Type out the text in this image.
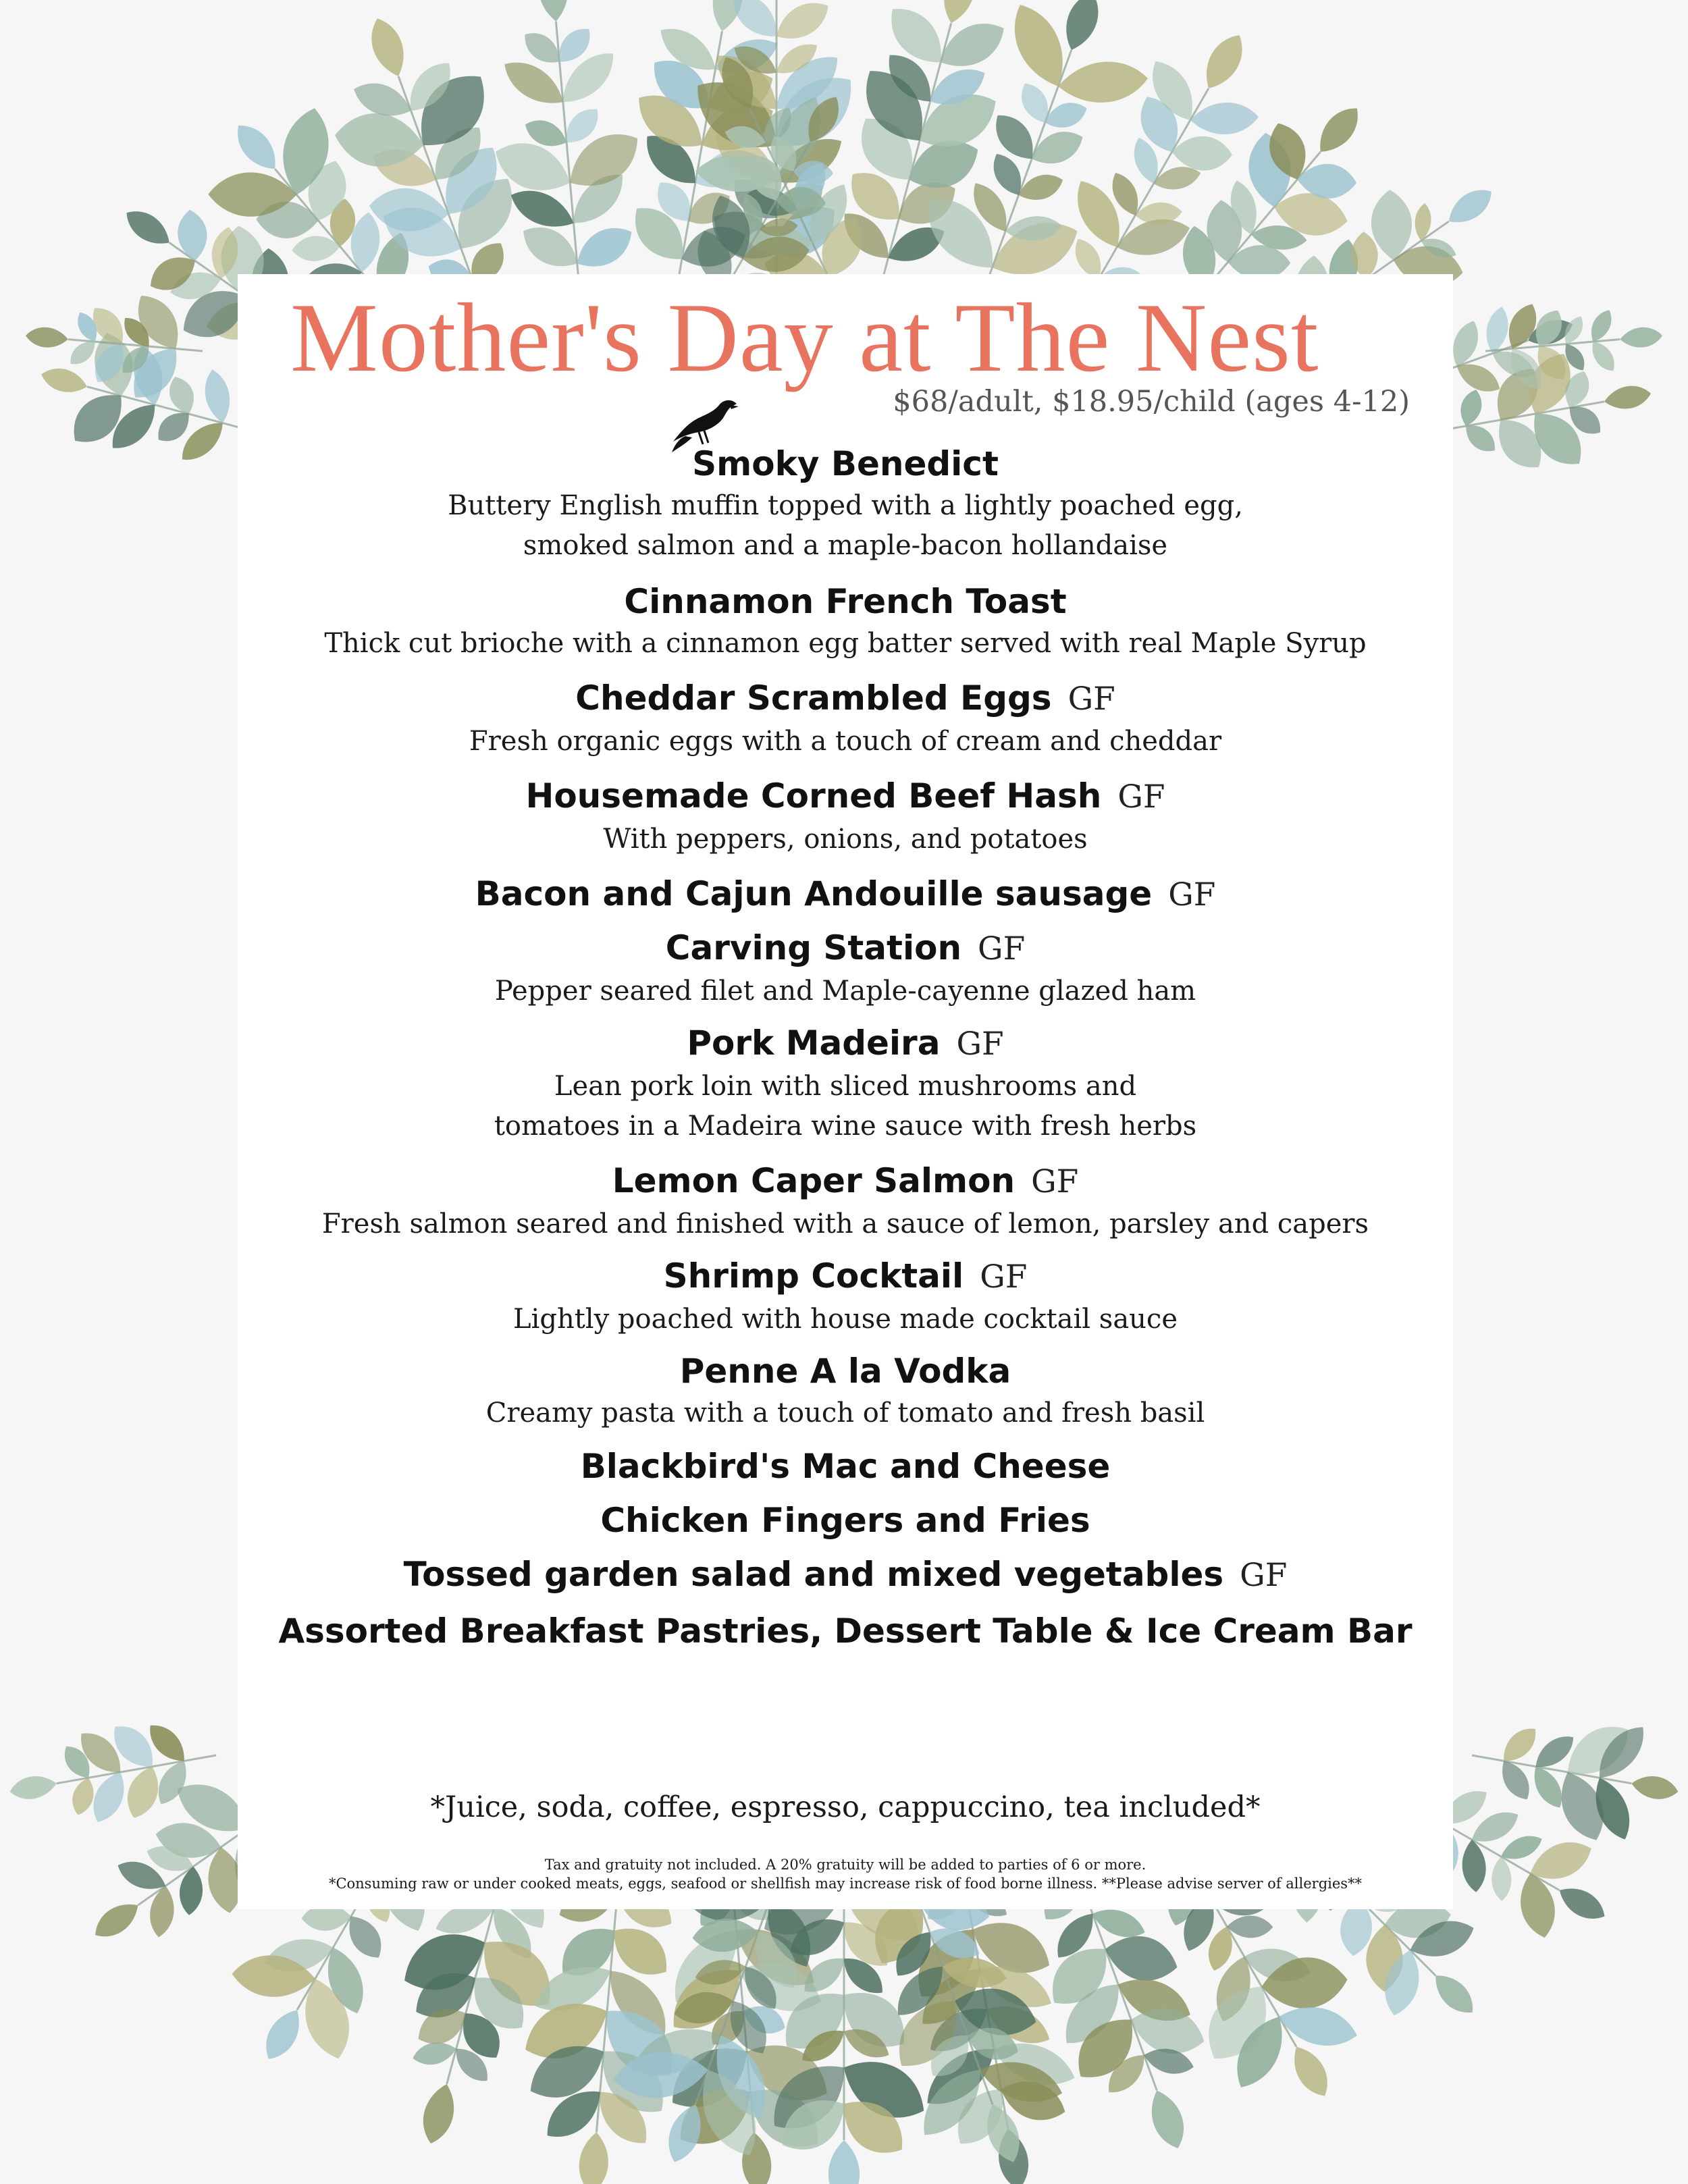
Mother's Day at The Nest
$68/adult, $18.95/child (ages 4-12)
Smoky Benedict
Buttery English muffin topped with a lightly poached egg,
smoked salmon and a maple-bacon hollandaise
Cinnamon French Toast
Thick cut brioche with a cinnamon egg batter served with real Maple Syrup
Cheddar Scrambled Eggs GF
Fresh organic eggs with a touch of cream and cheddar
Housemade Corned Beef Hash GF
With peppers, onions, and potatoes
Bacon and Cajun Andouille sausage GF
Carving Station GF
Pepper seared filet and Maple-cayenne glazed ham
Pork Madeira GF
Lean pork loin with sliced mushrooms and
tomatoes in a Madeira wine sauce with fresh herbs
Lemon Caper Salmon GF
Fresh salmon seared and finished with a sauce of lemon, parsley and capers
Shrimp Cocktail GF
Lightly poached with house made cocktail sauce
Penne A la Vodka
Creamy pasta with a touch of tomato and fresh basil
Blackbird's Mac and Cheese
Chicken Fingers and Fries
Tossed garden salad and mixed vegetables GF
Assorted Breakfast Pastries, Dessert Table & Ice Cream Bar
*Juice, soda, coffee, espresso, cappuccino, tea included*
Tax and gratuity not included. A 20% gratuity will be added to parties of 6 or more.
*Consuming raw or under cooked meats, eggs, seafood or shellfish may increase risk of food borne illness. **Please advise server of allergies**
